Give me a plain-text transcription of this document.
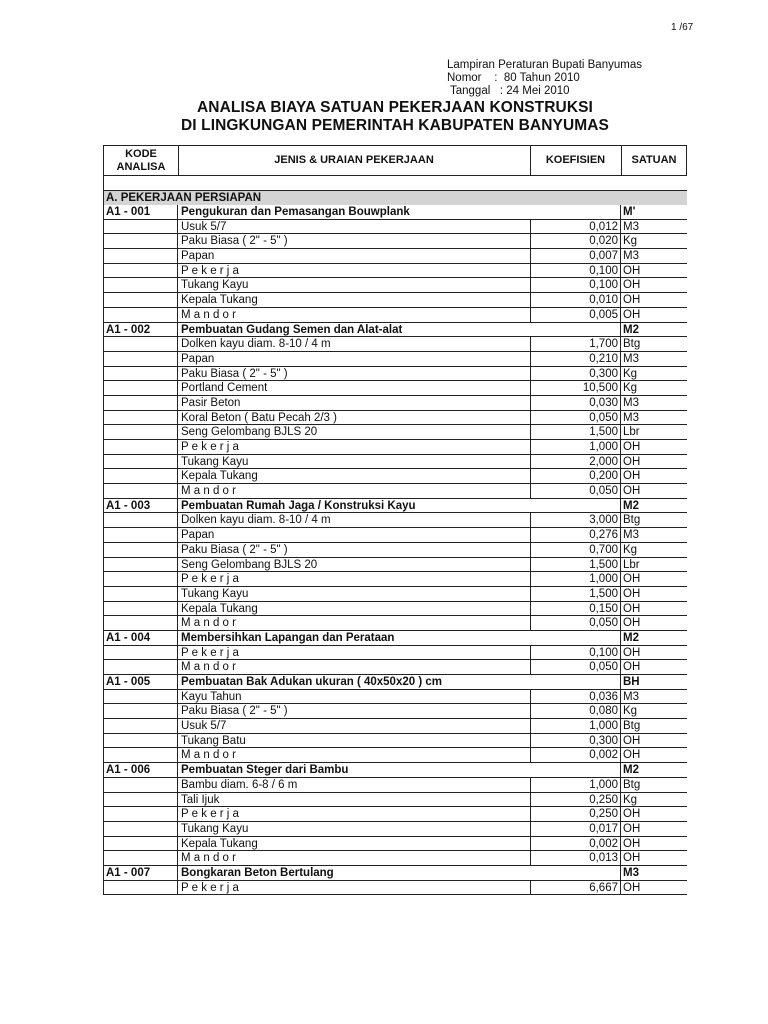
1 /67
Lampiran Peraturan Bupati Banyumas
Nomor    :  80 Tahun 2010
Tanggal   : 24 Mei 2010
ANALISA BIAYA SATUAN PEKERJAAN KONSTRUKSI
DI LINGKUNGAN PEMERINTAH KABUPATEN BANYUMAS
KODE
ANALISA
JENIS & URAIAN PEKERJAAN	KOEFISIEN	SATUAN
A. PEKERJAAN PERSIAPAN
A1 - 001	Pengukuran dan Pemasangan Bouwplank	M'
Usuk 5/7	0,012 M3
Paku Biasa ( 2" - 5" )	0,020 Kg
Papan	0,007 M3
P e k e r j a	0,100 OH
Tukang Kayu	0,100 OH
Kepala Tukang	0,010 OH
M a n d o r	0,005 OH
A1 - 002	Pembuatan Gudang Semen dan Alat-alat	M2
Dolken kayu diam. 8-10 / 4 m	1,700 Btg
Papan	0,210 M3
Paku Biasa ( 2" - 5" )	0,300 Kg
Portland Cement	10,500 Kg
Pasir Beton	0,030 M3
Koral Beton ( Batu Pecah 2/3 )	0,050 M3
Seng Gelombang BJLS 20	1,500 Lbr
P e k e r j a	1,000 OH
Tukang Kayu	2,000 OH
Kepala Tukang	0,200 OH
M a n d o r	0,050 OH
A1 - 003	Pembuatan Rumah Jaga / Konstruksi Kayu	M2
Dolken kayu diam. 8-10 / 4 m	3,000 Btg
Papan	0,276 M3
Paku Biasa ( 2" - 5" )	0,700 Kg
Seng Gelombang BJLS 20	1,500 Lbr
P e k e r j a	1,000 OH
Tukang Kayu	1,500 OH
Kepala Tukang	0,150 OH
M a n d o r	0,050 OH
A1 - 004	Membersihkan Lapangan dan Perataan	M2
P e k e r j a	0,100 OH
M a n d o r	0,050 OH
A1 - 005	Pembuatan Bak Adukan ukuran ( 40x50x20 ) cm	BH
Kayu Tahun	0,036 M3
Paku Biasa ( 2" - 5" )	0,080 Kg
Usuk 5/7	1,000 Btg
Tukang Batu	0,300 OH
M a n d o r	0,002 OH
A1 - 006	Pembuatan Steger dari Bambu	M2
Bambu diam. 6-8 / 6 m	1,000 Btg
Tali Ijuk	0,250 Kg
P e k e r j a	0,250 OH
Tukang Kayu	0,017 OH
Kepala Tukang	0,002 OH
M a n d o r	0,013 OH
A1 - 007	Bongkaran Beton Bertulang	M3
P e k e r j a	6,667 OH
